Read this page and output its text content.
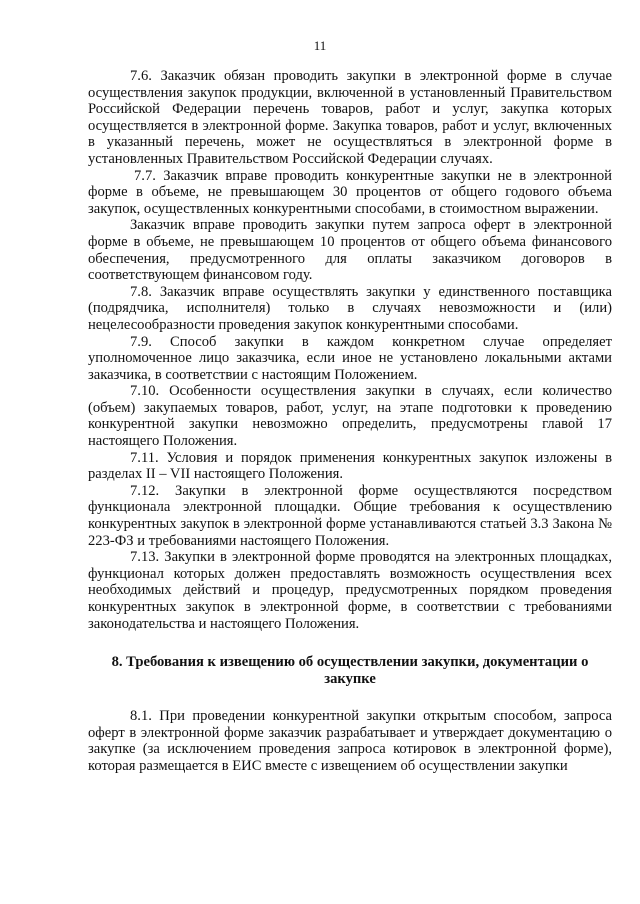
11

7.6. Заказчик обязан проводить закупки в электронной форме в случае осуществления закупок продукции, включенной в установленный Правительством Российской Федерации перечень товаров, работ и услуг, закупка которых осуществляется в электронной форме. Закупка товаров, работ и услуг, включенных в указанный перечень, может не осуществляться в электронной форме в установленных Правительством Российской Федерации случаях.

7.7. Заказчик вправе проводить конкурентные закупки не в электронной форме в объеме, не превышающем 30 процентов от общего годового объема закупок, осуществленных конкурентными способами, в стоимостном выражении.

Заказчик вправе проводить закупки путем запроса оферт в электронной форме в объеме, не превышающем 10 процентов от общего объема финансового обеспечения, предусмотренного для оплаты заказчиком договоров в соответствующем финансовом году.

7.8. Заказчик вправе осуществлять закупки у единственного поставщика (подрядчика, исполнителя) только в случаях невозможности и (или) нецелесообразности проведения закупок конкурентными способами.

7.9. Способ закупки в каждом конкретном случае определяет уполномоченное лицо заказчика, если иное не установлено локальными актами заказчика, в соответствии с настоящим Положением.

7.10. Особенности осуществления закупки в случаях, если количество (объем) закупаемых товаров, работ, услуг, на этапе подготовки к проведению конкурентной закупки невозможно определить, предусмотрены главой 17 настоящего Положения.

7.11. Условия и порядок применения конкурентных закупок изложены в разделах II – VII настоящего Положения.

7.12. Закупки в электронной форме осуществляются посредством функционала электронной площадки. Общие требования к осуществлению конкурентных закупок в электронной форме устанавливаются статьей 3.3 Закона № 223-ФЗ и требованиями настоящего Положения.

7.13. Закупки в электронной форме проводятся на электронных площадках, функционал которых должен предоставлять возможность осуществления всех необходимых действий и процедур, предусмотренных порядком проведения конкурентных закупок в электронной форме, в соответствии с требованиями законодательства и настоящего Положения.

8. Требования к извещению об осуществлении закупки, документации о закупке

8.1. При проведении конкурентной закупки открытым способом, запроса оферт в электронной форме заказчик разрабатывает и утверждает документацию о закупке (за исключением проведения запроса котировок в электронной форме), которая размещается в ЕИС вместе с извещением об осуществлении закупки
